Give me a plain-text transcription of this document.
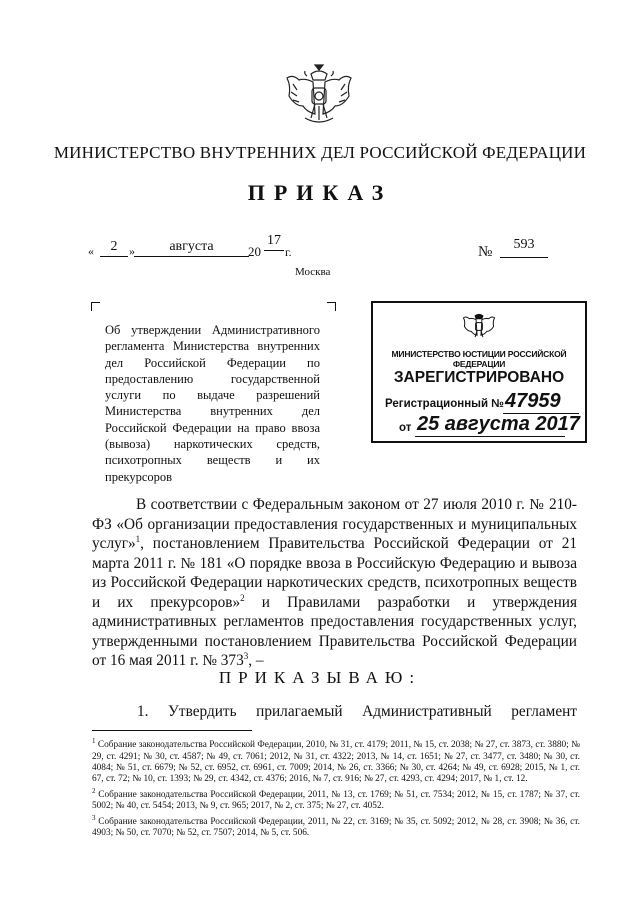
МИНИСТЕРСТВО ВНУТРЕННИХ ДЕЛ РОССИЙСКОЙ ФЕДЕРАЦИИ
ПРИКАЗ
«	2 »	августа	20
17
г.	№	593
Москва
Об утверждении Административного регламента Министерства внутренних дел Российской Федерации по предоставлению государственной услуги по выдаче разрешений Министерства внутренних дел Российской Федерации на право ввоза (вывоза) наркотических средств, психотропных веществ и их прекурсоров
МИНИСТЕРСТВО ЮСТИЦИИ РОССИЙСКОЙ ФЕДЕРАЦИИ
ЗАРЕГИСТРИРОВАНО
Регистрационный № 47959
от 25 августа 2017
В соответствии с Федеральным законом от 27 июля 2010 г. № 210-ФЗ «Об организации предоставления государственных и муниципальных услуг»$^1$, постановлением Правительства Российской Федерации от 21 марта 2011 г. № 181 «О порядке ввоза в Российскую Федерацию и вывоза из Российской Федерации наркотических средств, психотропных веществ и их прекурсоров»$^2$ и Правилами разработки и утверждения административных регламентов предоставления государственных услуг, утвержденными постановлением Правительства Российской Федерации от 16 мая 2011 г. № $373^3$, –
ПРИКАЗЫВАЮ:
1. Утвердить прилагаемый Административный регламент

$^1$ Собрание законодательства Российской Федерации, 2010, № 31, ст. 4179; 2011, № 15, ст. 2038; № 27, ст. 3873, ст. 3880; № 29, ст. 4291; № 30, ст. 4587; № 49, ст. 7061; 2012, № 31, ст. 4322; 2013, № 14, ст. 1651; № 27, ст. 3477, ст. 3480; № 30, ст. 4084; № 51, ст. 6679; № 52, ст. 6952, ст. 6961, ст. 7009; 2014, № 26, ст. 3366; № 30, ст. 4264; № 49, ст. 6928; 2015, № 1, ст. 67, ст. 72; № 10, ст. 1393; № 29, ст. 4342, ст. 4376; 2016, № 7, ст. 916; № 27, ст. 4293, ст. 4294; 2017, № 1, ст. 12.

$^2$ Собрание законодательства Российской Федерации, 2011, № 13, ст. 1769; № 51, ст. 7534; 2012, № 15, ст. 1787; № 37, ст. 5002; № 40, ст. 5454; 2013, № 9, ст. 965; 2017, № 2, ст. 375; № 27, ст. 4052.

$^3$ Собрание законодательства Российской Федерации, 2011, № 22, ст. 3169; № 35, ст. 5092; 2012, № 28, ст. 3908; № 36, ст. 4903; № 50, ст. 7070; № 52, ст. 7507; 2014, № 5, ст. 506.
